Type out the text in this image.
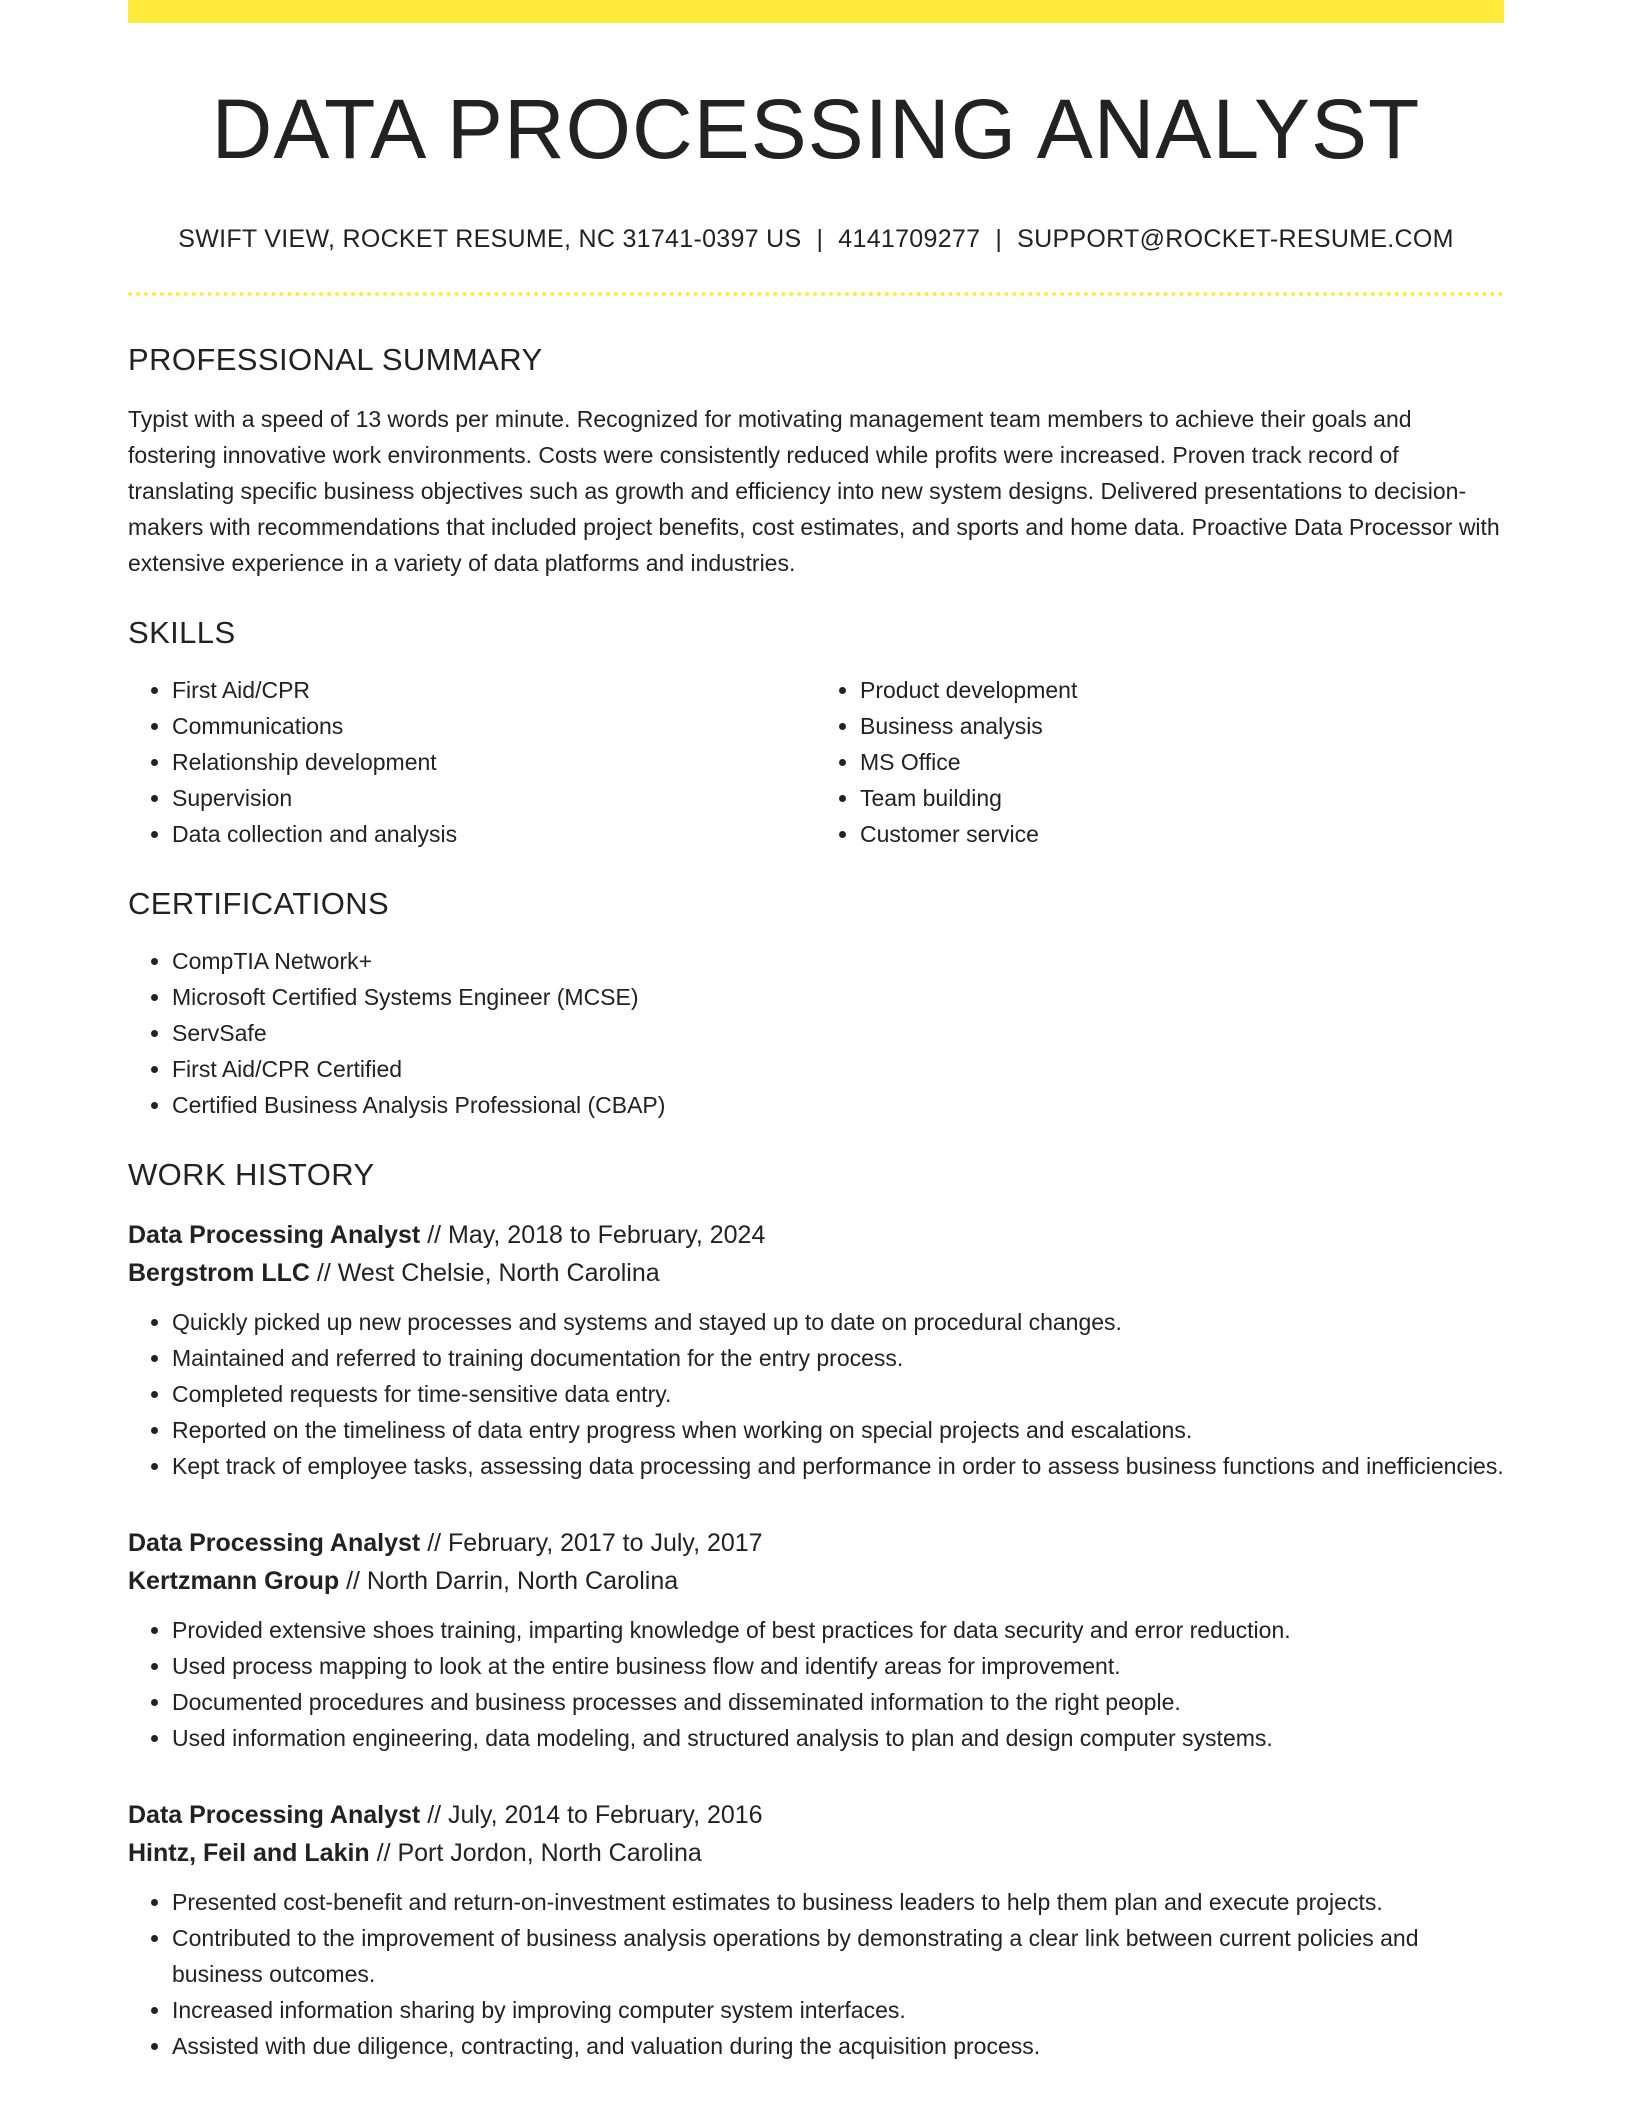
DATA PROCESSING ANALYST
SWIFT VIEW, ROCKET RESUME, NC 31741-0397 US | 4141709277 | SUPPORT@ROCKET-RESUME.COM
PROFESSIONAL SUMMARY

Typist with a speed of 13 words per minute. Recognized for motivating management team members to achieve their goals and fostering innovative work environments. Costs were consistently reduced while profits were increased. Proven track record of translating specific business objectives such as growth and efficiency into new system designs. Delivered presentations to decision-makers with recommendations that included project benefits, cost estimates, and sports and home data. Proactive Data Processor with extensive experience in a variety of data platforms and industries.

SKILLS
• First Aid/CPR
• Communications
• Relationship development
• Supervision
• Data collection and analysis
• Product development
• Business analysis
• MS Office
• Team building
• Customer service
CERTIFICATIONS
• CompTIA Network+
• Microsoft Certified Systems Engineer (MCSE)
• ServSafe
• First Aid/CPR Certified
• Certified Business Analysis Professional (CBAP)
WORK HISTORY
Data Processing Analyst // May, 2018 to February, 2024
Bergstrom LLC // West Chelsie, North Carolina
• Quickly picked up new processes and systems and stayed up to date on procedural changes.
• Maintained and referred to training documentation for the entry process.
• Completed requests for time-sensitive data entry.
• Reported on the timeliness of data entry progress when working on special projects and escalations.
• Kept track of employee tasks, assessing data processing and performance in order to assess business functions and inefficiencies.
Data Processing Analyst // February, 2017 to July, 2017
Kertzmann Group // North Darrin, North Carolina
• Provided extensive shoes training, imparting knowledge of best practices for data security and error reduction.
• Used process mapping to look at the entire business flow and identify areas for improvement.
• Documented procedures and business processes and disseminated information to the right people.
• Used information engineering, data modeling, and structured analysis to plan and design computer systems.
Data Processing Analyst // July, 2014 to February, 2016
Hintz, Feil and Lakin // Port Jordon, North Carolina
• Presented cost-benefit and return-on-investment estimates to business leaders to help them plan and execute projects.
• Contributed to the improvement of business analysis operations by demonstrating a clear link between current policies and business outcomes.
• Increased information sharing by improving computer system interfaces.
• Assisted with due diligence, contracting, and valuation during the acquisition process.
